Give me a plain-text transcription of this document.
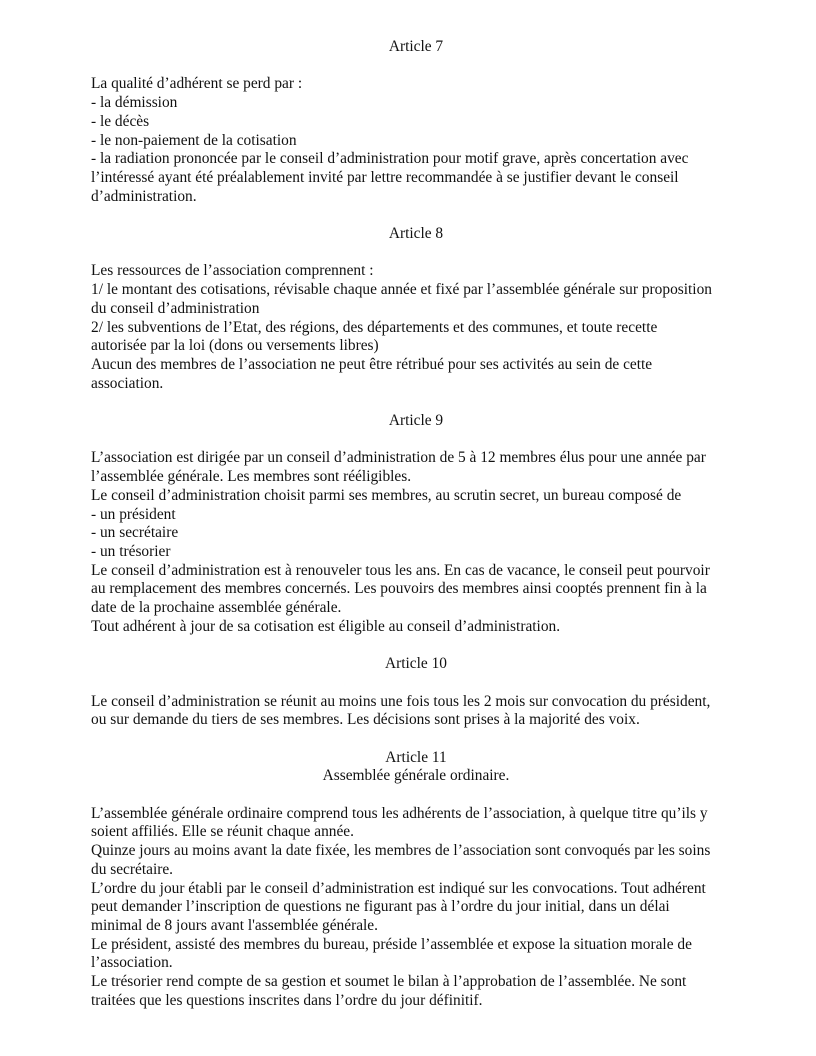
Article 7
La qualité d’adhérent se perd par :
- la démission
- le décès
- le non-paiement de la cotisation
- la radiation prononcée par le conseil d’administration pour motif grave, après concertation avec
l’intéressé ayant été préalablement invité par lettre recommandée à se justifier devant le conseil
d’administration.
Article 8
Les ressources de l’association comprennent :
1/ le montant des cotisations, révisable chaque année et fixé par l’assemblée générale sur proposition
du conseil d’administration
2/ les subventions de l’Etat, des régions, des départements et des communes, et toute recette
autorisée par la loi (dons ou versements libres)
Aucun des membres de l’association ne peut être rétribué pour ses activités au sein de cette
association.
Article 9
L’association est dirigée par un conseil d’administration de 5 à 12 membres élus pour une année par
l’assemblée générale. Les membres sont rééligibles.
Le conseil d’administration choisit parmi ses membres, au scrutin secret, un bureau composé de
- un président
- un secrétaire
- un trésorier
Le conseil d’administration est à renouveler tous les ans. En cas de vacance, le conseil peut pourvoir
au remplacement des membres concernés. Les pouvoirs des membres ainsi cooptés prennent fin à la
date de la prochaine assemblée générale.
Tout adhérent à jour de sa cotisation est éligible au conseil d’administration.
Article 10
Le conseil d’administration se réunit au moins une fois tous les 2 mois sur convocation du président,
ou sur demande du tiers de ses membres. Les décisions sont prises à la majorité des voix.
Article 11
Assemblée générale ordinaire.
L’assemblée générale ordinaire comprend tous les adhérents de l’association, à quelque titre qu’ils y
soient affiliés. Elle se réunit chaque année.
Quinze jours au moins avant la date fixée, les membres de l’association sont convoqués par les soins
du secrétaire.
L’ordre du jour établi par le conseil d’administration est indiqué sur les convocations. Tout adhérent
peut demander l’inscription de questions ne figurant pas à l’ordre du jour initial, dans un délai
minimal de 8 jours avant l'assemblée générale.
Le président, assisté des membres du bureau, préside l’assemblée et expose la situation morale de
l’association.
Le trésorier rend compte de sa gestion et soumet le bilan à l’approbation de l’assemblée. Ne sont
traitées que les questions inscrites dans l’ordre du jour définitif.
